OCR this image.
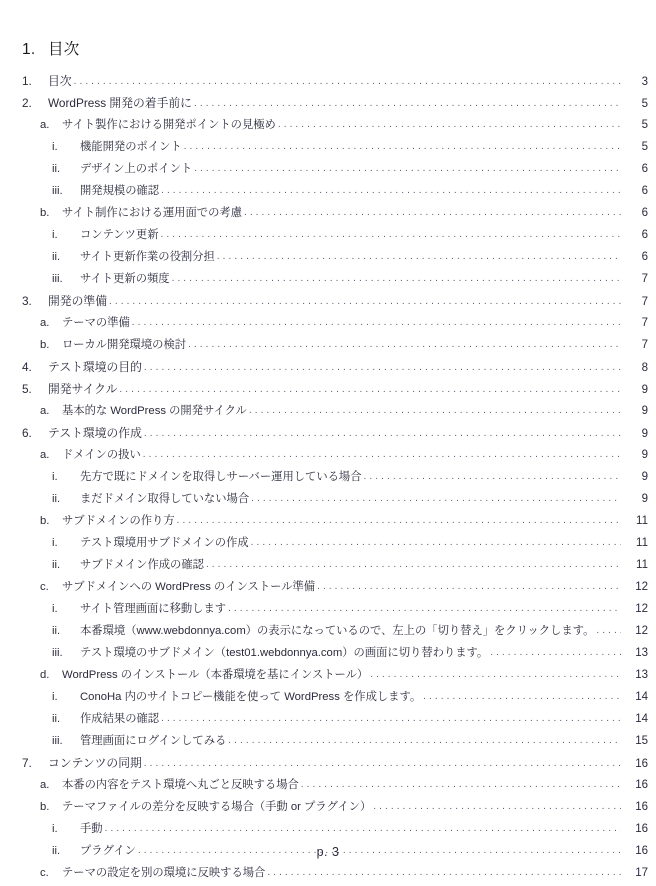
1. 目次
1.	目次 . . .	3
2.	WordPress 開発の着手前に . . .	5
a.	サイト製作における開発ポイントの見極め . . .	5
i.	機能開発のポイント . . .	5
ii.	デザイン上のポイント . . .	6
iii.	開発規模の確認 . . .	6
b.	サイト制作における運用面での考慮 . . .	6
i.	コンテンツ更新 . . .	6
ii.	サイト更新作業の役割分担 . . .	6
iii.	サイト更新の頻度 . . .	7
3.	開発の準備 . . .	7
a.	テーマの準備 . . .	7
b.	ローカル開発環境の検討 . . .	7
4.	テスト環境の目的 . . .	8
5.	開発サイクル . . .	9
a.	基本的な WordPress の開発サイクル . . .	9
6.	テスト環境の作成 . . .	9
a.	ドメインの扱い . . .	9
i.	先方で既にドメインを取得しサーバー運用している場合 . . .	9
ii.	まだドメイン取得していない場合 . . .	9
b.	サブドメインの作り方 . . .	11
i.	テスト環境用サブドメインの作成 . . .	11
ii.	サブドメイン作成の確認 . . .	11
c.	サブドメインへの WordPress のインストール準備 . . .	12
i.	サイト管理画面に移動します . . .	12
ii.	本番環境（www.webdonnya.com）の表示になっているので、左上の「切り替え」をクリックします。 . . .	12
iii.	テスト環境のサブドメイン（test01.webdonnya.com）の画面に切り替わります。 . . .	13
d.	WordPress のインストール（本番環境を基にインストール） . . .	13
i.	ConoHa 内のサイトコピー機能を使って WordPress を作成します。 . . .	14
ii.	作成結果の確認 . . .	14
iii.	管理画面にログインしてみる . . .	15
7.	コンテンツの同期 . . .	16
a.	本番の内容をテスト環境へ丸ごと反映する場合 . . .	16
b.	テーマファイルの差分を反映する場合（手動 or プラグイン） . . .	16
i.	手動 . . .	16
ii.	プラグイン . . .	16
c.	テーマの設定を別の環境に反映する場合 . . .	17
p. 3
